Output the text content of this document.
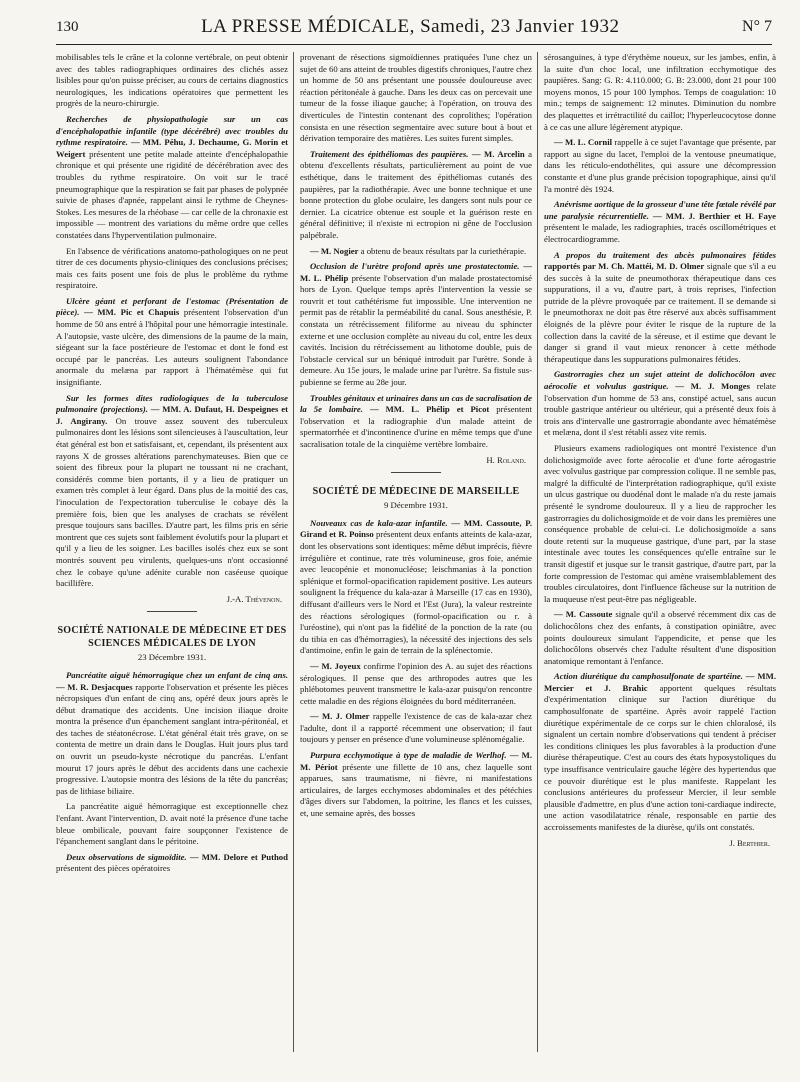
130	LA PRESSE MÉDICALE, Samedi, 23 Janvier 1932	N° 7

mobilisables tels le crâne et la colonne vertébrale, on peut obtenir avec des tables radiographiques ordinaires des clichés assez lisibles pour qu'on puisse préciser, au cours de certains diagnostics neurologiques, les indications opératoires que permettent les progrès de la neuro-chirurgie.

Recherches de physiopathologie sur un cas d'encéphalopathie infantile (type décérébré) avec troubles du rythme respiratoire. — MM. Péhu, J. Dechaume, G. Morin et Weigert présentent une petite malade atteinte d'encéphalopathie chronique et qui présente une rigidité de décérébration avec des troubles du rythme respiratoire. On voit sur le tracé pneumographique que la respiration se fait par phases de polypnée suivie de phases d'apnée, rappelant ainsi le rythme de Cheynes-Stokes. Les mesures de la rhéobase — car celle de la chronaxie est impossible — montrent des variations du même ordre que celles constatées dans l'hyperventilation pulmonaire.

En l'absence de vérifications anatomo-pathologiques on ne peut titrer de ces documents physio-cliniques des conclusions précises; mais ces faits posent une fois de plus le problème du rythme respiratoire.

Ulcère géant et perforant de l'estomac (Présentation de pièce). — MM. Pic et Chapuis présentent l'observation d'un homme de 50 ans entré à l'hôpital pour une hémorragie intestinale. A l'autopsie, vaste ulcère, des dimensions de la paume de la main, siégeant sur la face postérieure de l'estomac et dont le fond est occupé par le pancréas. Les auteurs soulignent l'abondance anormale du melæna par rapport à l'hématémèse qui fut insignifiante.

Sur les formes dites radiologiques de la tuberculose pulmonaire (projections). — MM. A. Dufaut, H. Despeignes et J. Angirany. On trouve assez souvent des tuberculeux pulmonaires dont les lésions sont silencieuses à l'auscultation, leur état général est bon et satisfaisant, et, cependant, ils présentent aux rayons X de grosses altérations parenchymateuses. Bien que ce soient des fibreux pour la plupart ne toussant ni ne crachant, considérés comme bien portants, il y a lieu de pratiquer un examen très complet à leur égard. Dans plus de la moitié des cas, l'inoculation de l'expectoration tuberculise le cobaye dès la première fois, bien que les analyses de crachats se révèlent presque toujours sans bacilles. D'autre part, les films pris en série montrent que ces sujets sont faiblement évolutifs pour la plupart et qu'il y a lieu de les soigner. Les bacilles isolés chez eux se sont montrés souvent peu virulents, quelques-uns n'ont occasionné chez le cobaye qu'une adénite curable non caséeuse quoique bacillifère.

J.-A. Thévenon.

SOCIÉTÉ NATIONALE DE MÉDECINE ET DES SCIENCES MÉDICALES DE LYON

23 Décembre 1931.

Pancréatite aiguë hémorragique chez un enfant de cinq ans. — M. R. Desjacques rapporte l'observation et présente les pièces nécropsiques d'un enfant de cinq ans, opéré deux jours après le début dramatique des accidents. Une incision iliaque droite montra la présence d'un épanchement sanglant intra-péritonéal, et des taches de stéatonécrose. L'état général était très grave, on se contenta de mettre un drain dans le Douglas. Huit jours plus tard on ouvrit un pseudo-kyste nécrotique du pancréas. L'enfant mourut 17 jours après le début des accidents dans une cachexie progressive. L'autopsie montra des lésions de la tête du pancréas; pas de lithiase biliaire.

La pancréatite aiguë hémorragique est exceptionnelle chez l'enfant. Avant l'intervention, D. avait noté la présence d'une tache bleue ombilicale, pouvant faire soupçonner l'existence de l'épanchement sanglant dans le péritoine.

Deux observations de sigmoïdite. — MM. Delore et Puthod présentent des pièces opératoires

provenant de résections sigmoïdiennes pratiquées l'une chez un sujet de 60 ans atteint de troubles digestifs chroniques, l'autre chez un homme de 50 ans présentant une poussée douloureuse avec réaction péritonéale à gauche. Dans les deux cas on percevait une tumeur de la fosse iliaque gauche; à l'opération, on trouva des diverticules de l'intestin contenant des coprolithes; l'opération consista en une résection segmentaire avec suture bout à bout et dérivation temporaire des matières. Les suites furent simples.

Traitement des épithéliomas des paupières. — M. Arcelin a obtenu d'excellents résultats, particulièrement au point de vue esthétique, dans le traitement des épithéliomas cutanés des paupières, par la radiothérapie. Avec une bonne technique et une bonne protection du globe oculaire, les dangers sont nuls pour ce dernier. La cicatrice obtenue est souple et la guérison reste en général définitive; il n'existe ni ectropion ni gêne de l'occlusion palpébrale.

— M. Nogier a obtenu de beaux résultats par la curiethérapie.

Occlusion de l'urètre profond après une prostatectomie. — M. L. Phélip présente l'observation d'un malade prostatectomisé hors de Lyon. Quelque temps après l'intervention la vessie se rouvrit et tout cathétérisme fut impossible. Une intervention ne permit pas de rétablir la perméabilité du canal. Sous anesthésie, P. constata un rétrécissement filiforme au niveau du sphincter externe et une occlusion complète au niveau du col, entre les deux cavités. Incision du rétrécissement au lithotome double, puis de l'obstacle cervical sur un béniqué introduit par l'urètre. Sonde à demeure. Au 15e jours, le malade urine par l'urètre. Sa fistule sus-pubienne se ferme au 28e jour.

Troubles génitaux et urinaires dans un cas de sacralisation de la 5e lombaire. — MM. L. Phélip et Picot présentent l'observation et la radiographie d'un malade atteint de spermatorrhée et d'incontinence d'urine en même temps que d'une sacralisation totale de la cinquième vertèbre lombaire.

H. Roland.

SOCIÉTÉ DE MÉDECINE DE MARSEILLE

9 Décembre 1931.

Nouveaux cas de kala-azar infantile. — MM. Cassoute, P. Girand et R. Poinso présentent deux enfants atteints de kala-azar, dont les observations sont identiques: même début imprécis, fièvre irrégulière et continue, rate très volumineuse, gros foie, anémie avec leucopénie et mononucléose; leischmanias à la ponction splénique et formol-opacification rapidement positive. Les auteurs soulignent la fréquence du kala-azar à Marseille (17 cas en 1930), diffusant d'ailleurs vers le Nord et l'Est (Jura), la valeur restreinte des réactions sérologiques (formol-opacification ou r. à l'uréostine), qui n'ont pas la fidélité de la ponction de la rate (ou du tibia en cas d'hémorragies), la nécessité des injections des sels d'antimoine, enfin le gain de terrain de la splénectomie.

— M. Joyeux confirme l'opinion des A. au sujet des réactions sérologiques. Il pense que des arthropodes autres que les phlébotomes peuvent transmettre le kala-azar puisqu'on rencontre cette maladie en des régions éloignées du bord méditerranéen.

— M. J. Olmer rappelle l'existence de cas de kala-azar chez l'adulte, dont il a rapporté récemment une observation; il faut toujours y penser en présence d'une volumineuse splénomégalie.

Purpura ecchymotique à type de maladie de Werlhof. — M. M. Périot présente une fillette de 10 ans, chez laquelle sont apparues, sans traumatisme, ni fièvre, ni manifestations articulaires, de larges ecchymoses abdominales et des pétéchies d'âges divers sur l'abdomen, la poitrine, les flancs et les cuisses, et, une semaine après, des bosses

sérosanguines, à type d'érythème noueux, sur les jambes, enfin, à la suite d'un choc local, une infiltration ecchymotique des paupières. Sang: G. R: 4.110.000; G. B: 23.000, dont 21 pour 100 moyens monos, 15 pour 100 lymphos. Temps de coagulation: 10 min.; temps de saignement: 12 minutes. Diminution du nombre des plaquettes et irrétractilité du caillot; l'hyperleucocytose donne à ce cas une allure légèrement atypique.

— M. L. Cornil rappelle à ce sujet l'avantage que présente, par rapport au signe du lacet, l'emploi de la ventouse pneumatique, dans les réticulo-endothélites, qui assure une décompression constante et d'une plus grande précision topographique, ainsi qu'il l'a montré dès 1924.

Anévrisme aortique de la grosseur d'une tête fœtale révélé par une paralysie récurrentielle. — MM. J. Berthier et H. Faye présentent le malade, les radiographies, tracés oscillométriques et électrocardiogramme.

A propos du traitement des abcès pulmonaires fétides rapportés par M. Ch. Mattéi, M. D. Olmer signale que s'il a eu des succès à la suite de pneumothorax thérapeutique dans ces suppurations, il a vu, d'autre part, à trois reprises, l'infection putride de la plèvre provoquée par ce traitement. Il se demande si le pneumothorax ne doit pas être réservé aux abcès suffisamment éloignés de la plèvre pour éviter le risque de la rupture de la collection dans la cavité de la séreuse, et il estime que devant le danger si grand il vaut mieux renoncer à cette méthode thérapeutique dans les suppurations pulmonaires fétides.

Gastrorragies chez un sujet atteint de dolichocôlon avec aérocolie et volvulus gastrique. — M. J. Monges relate l'observation d'un homme de 53 ans, constipé actuel, sans aucun trouble gastrique antérieur ou ultérieur, qui a présenté deux fois à trois ans d'intervalle une gastrorragie abondante avec hématémèse et melæna, dont il s'est rétabli assez vite remis.

Plusieurs examens radiologiques ont montré l'existence d'un dolichosigmoïde avec forte aérocolie et d'une forte aérogastrie avec volvulus gastrique par compression colique. Il ne semble pas, malgré la difficulté de l'interprétation radiographique, qu'il existe un ulcus gastrique ou duodénal dont le malade n'a du reste jamais présenté le syndrome douloureux. Il y a lieu de rapprocher les gastrorragies du dolichosigmoïde et de voir dans les premières une conséquence probable de celui-ci. Le dolichosigmoïde a sans doute retenti sur la muqueuse gastrique, d'une part, par la stase intestinale avec toutes les conséquences qu'elle entraîne sur le transit digestif et jusque sur le transit gastrique, d'autre part, par la forte compression de l'estomac qui amène vraisemblablement des troubles circulatoires, dont l'influence fâcheuse sur la nutrition de la muqueuse n'est peut-être pas négligeable.

— M. Cassoute signale qu'il a observé récemment dix cas de dolichocôlons chez des enfants, à constipation opiniâtre, avec points douloureux simulant l'appendicite, et pense que les dolichocôlons observés chez l'adulte résultent d'une disposition anatomique remontant à l'enfance.

Action diurétique du camphosulfonate de spartéine. — MM. Mercier et J. Brahic apportent quelques résultats d'expérimentation clinique sur l'action diurétique du camphosulfonate de spartéine. Après avoir rappelé l'action diurétique expérimentale de ce corps sur le chien chloralosé, ils signalent un certain nombre d'observations qui tendent à préciser les conditions cliniques les plus favorables à la production d'une diurèse thérapeutique. C'est au cours des états hyposystoliques du type insuffisance ventriculaire gauche légère des hypertendus que ce pouvoir diurétique est le plus manifeste. Rappelant les conclusions antérieures du professeur Mercier, il leur semble plausible d'admettre, en plus d'une action toni-cardiaque indirecte, une action vasodilatatrice rénale, responsable en partie des accroissements manifestes de la diurèse, qu'ils ont constatés.

J. Berthier.
